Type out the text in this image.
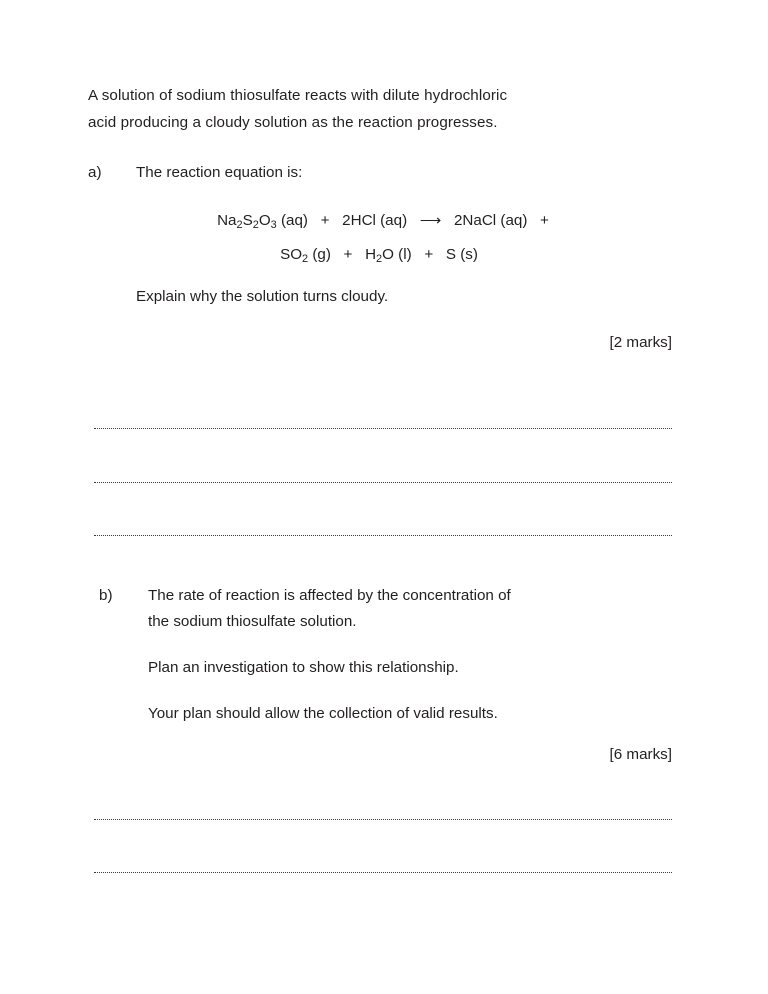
A solution of sodium thiosulfate reacts with dilute hydrochloric
acid producing a cloudy solution as the reaction progresses.
a) The reaction equation is:
$Na_2S_2O_3$ (aq)   +   2HCl (aq)   ⟶   2NaCl (aq)   +
$SO_2$ $(g) + H_2O$ (l)   +   S (s)
Explain why the solution turns cloudy.
[2 marks]
b) The rate of reaction is affected by the concentration of
the sodium thiosulfate solution.
Plan an investigation to show this relationship.
Your plan should allow the collection of valid results.
[6 marks]
